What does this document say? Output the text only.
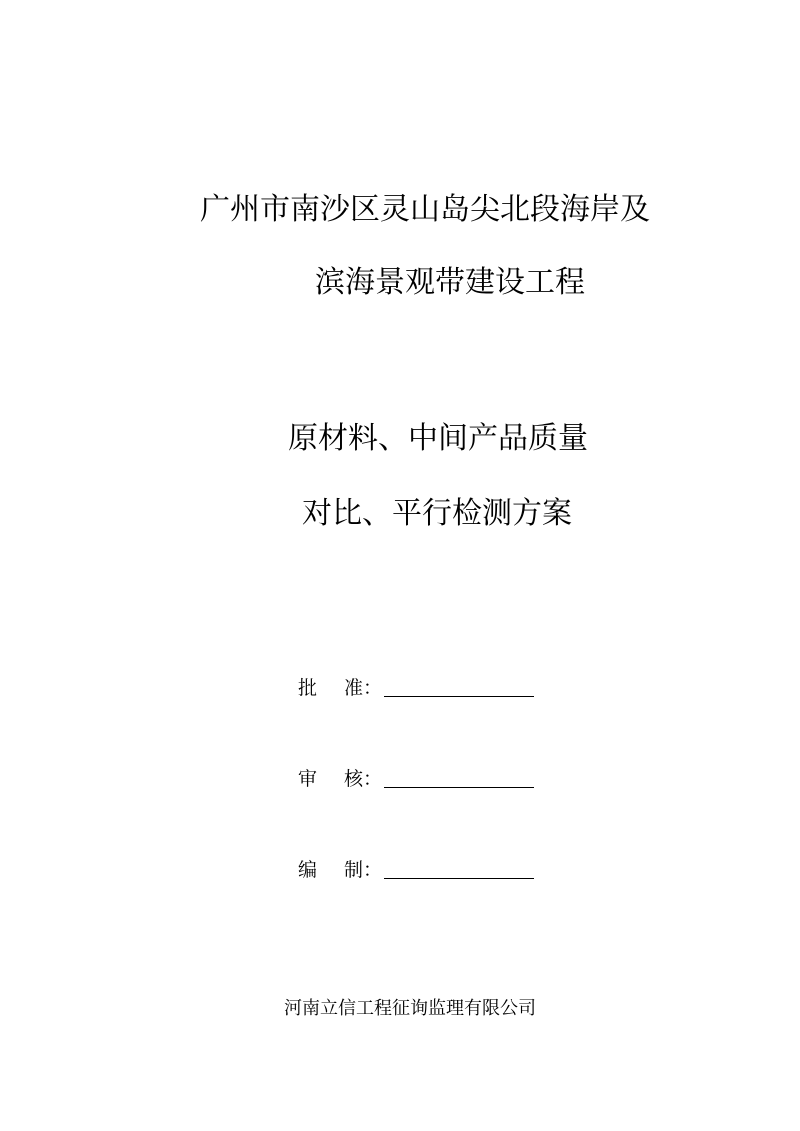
广州市南沙区灵山岛尖北段海岸及
滨海景观带建设工程
原材料、中间产品质量
对比、平行检测方案
批	准：
审	核：
编	制：
河南立信工程征询监理有限公司
